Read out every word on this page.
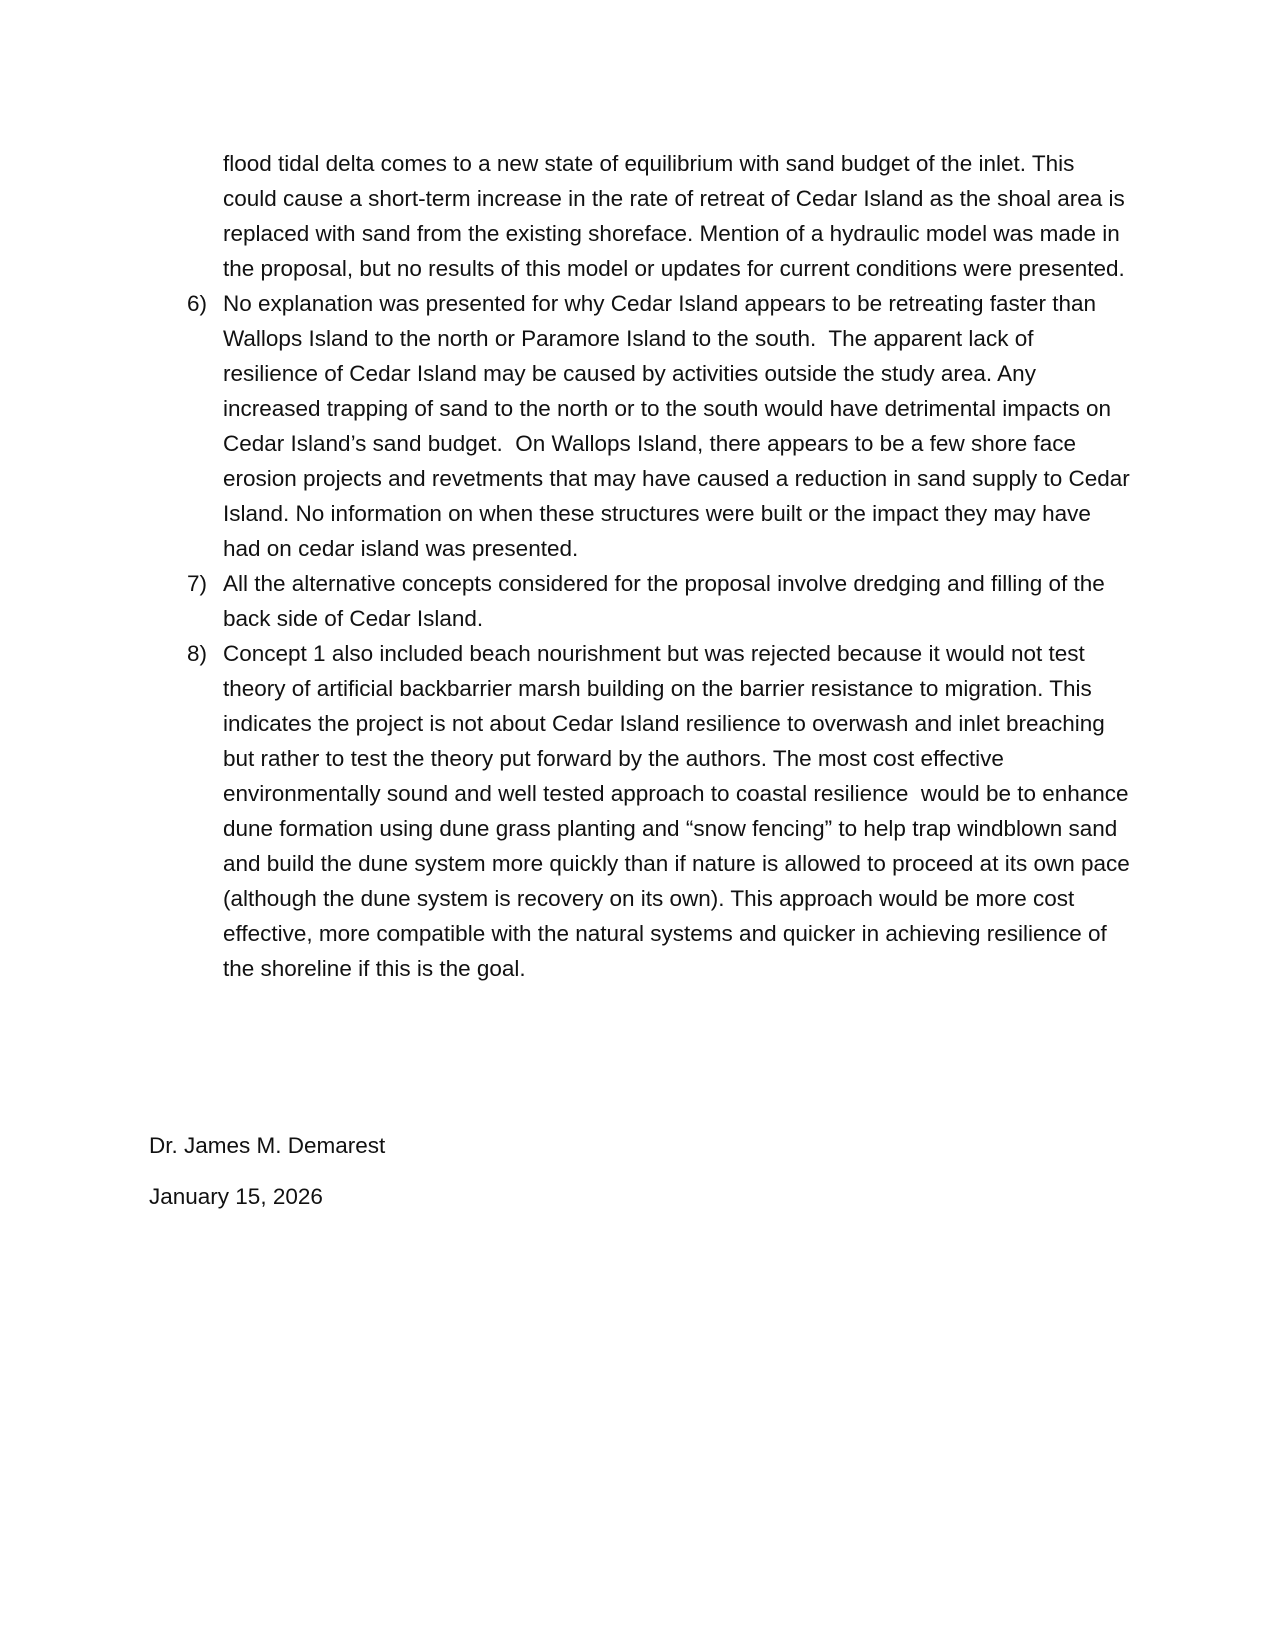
flood tidal delta comes to a new state of equilibrium with sand budget of the inlet. This could cause a short-term increase in the rate of retreat of Cedar Island as the shoal area is replaced with sand from the existing shoreface. Mention of a hydraulic model was made in the proposal, but no results of this model or updates for current conditions were presented.

6) No explanation was presented for why Cedar Island appears to be retreating faster than Wallops Island to the north or Paramore Island to the south.  The apparent lack of resilience of Cedar Island may be caused by activities outside the study area. Any increased trapping of sand to the north or to the south would have detrimental impacts on Cedar Island’s sand budget.  On Wallops Island, there appears to be a few shore face erosion projects and revetments that may have caused a reduction in sand supply to Cedar Island. No information on when these structures were built or the impact they may have had on cedar island was presented.

7) All the alternative concepts considered for the proposal involve dredging and filling of the back side of Cedar Island.

8) Concept 1 also included beach nourishment but was rejected because it would not test theory of artificial backbarrier marsh building on the barrier resistance to migration. This indicates the project is not about Cedar Island resilience to overwash and inlet breaching but rather to test the theory put forward by the authors. The most cost effective environmentally sound and well tested approach to coastal resilience  would be to enhance dune formation using dune grass planting and “snow fencing” to help trap windblown sand and build the dune system more quickly than if nature is allowed to proceed at its own pace (although the dune system is recovery on its own). This approach would be more cost effective, more compatible with the natural systems and quicker in achieving resilience of the shoreline if this is the goal.

Dr. James M. Demarest

January 15, 2026
